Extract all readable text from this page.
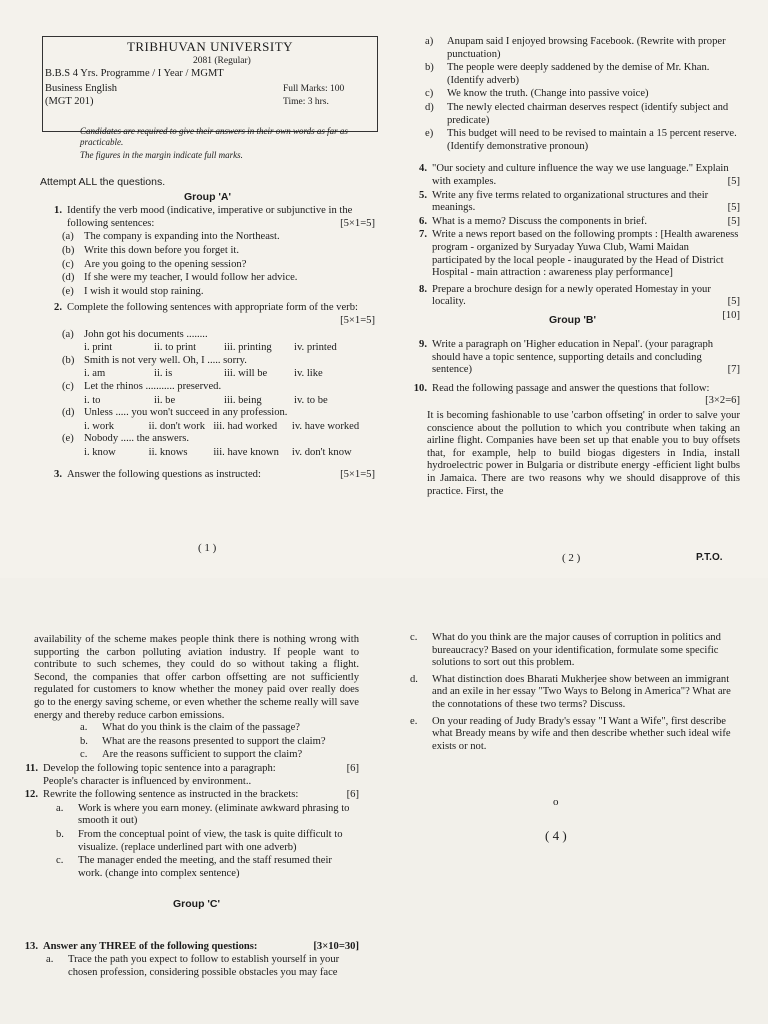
TRIBHUVAN UNIVERSITY
2081 (Regular)
B.B.S 4 Yrs. Programme / I Year / MGMT
Business English
(MGT 201)
Full Marks: 100
Time: 3 hrs.
Candidates are required to give their answers in their own words as far as practicable.
The figures in the margin indicate full marks.
Attempt ALL the questions.
Group 'A'
1. Identify the verb mood (indicative, imperative or subjunctive in the following sentences:	[5×1=5]
(a) The company is expanding into the Northeast.
(b) Write this down before you forget it.
(c) Are you going to the opening session?
(d) If she were my teacher, I would follow her advice.
(e) I wish it would stop raining.
2. Complete the following sentences with appropriate form of the verb:
[5×1=5]
(a) John got his documents ........
i. print	ii. to print	iii. printing	iv. printed
(b) Smith is not very well. Oh, I ..... sorry.
i. am	ii. is	iii. will be	iv. like
(c) Let the rhinos ........... preserved.
i. to	ii. be	iii. being	iv. to be
(d) Unless ..... you won't succeed in any profession.
i. work	ii. don't work iii. had worked	iv. have worked
(e) Nobody ..... the answers.
i. know	ii. knows	iii. have known	iv. don't know
3. Answer the following questions as instructed:	[5×1=5]
( 1 )
a)	Anupam said I enjoyed browsing Facebook. (Rewrite with proper punctuation)
b)	The people were deeply saddened by the demise of Mr. Khan. (Identify adverb)
c)	We know the truth. (Change into passive voice)
d)	The newly elected chairman deserves respect (identify subject and predicate)
e)	This budget will need to be revised to maintain a 15 percent reserve. (Identify demonstrative pronoun)
4. "Our society and culture influence the way we use language." Explain with examples.	[5]
5. Write any five terms related to organizational structures and their meanings.	[5]
6. What is a memo? Discuss the components in brief.	[5]
7. Write a news report based on the following prompts : [Health awareness program - organized by Suryaday Yuwa Club, Wami Maidan participated by the local people - inaugurated by the Head of District Hospital - main attraction : awareness play performance]
8. Prepare a brochure design for a newly operated Homestay in your locality.	[5]
[10]
Group 'B'
9. Write a paragraph on 'Higher education in Nepal'. (your paragraph should have a topic sentence, supporting details and concluding sentence)	[7]
10. Read the following passage and answer the questions that follow:

[3×2=6]
It is becoming fashionable to use 'carbon offseting' in order to salve your conscience about the pollution to which you contribute when taking an airline flight. Companies have been set up that enable you to buy offsets that, for example, help to build biogas digesters in India, install hydroelectric power in Bulgaria or distribute energy -efficient light bulbs in Jamaica. There are two reasons why we should disapprove of this practice. First, the
( 2 )	P.T.O.
availability of the scheme makes people think there is nothing wrong with supporting the carbon polluting aviation industry. If people want to contribute to such schemes, they could do so without taking a flight. Second, the companies that offer carbon offsetting are not sufficiently regulated for customers to know whether the money paid over really does go to the energy saving scheme, or even whether the scheme really will save energy and thereby reduce carbon emissions.
a.	What do you think is the claim of the passage?
b.	What are the reasons presented to support the claim?
c.	Are the reasons sufficient to support the claim?
11. Develop the following topic sentence into a paragraph:	[6]

People's character is influenced by environment..
12. Rewrite the following sentence as instructed in the brackets:	[6]
a.	Work is where you earn money. (eliminate awkward phrasing to smooth it out)
b.	From the conceptual point of view, the task is quite difficult to visualize. (replace underlined part with one adverb)
c.	The manager ended the meeting, and the staff resumed their work. (change into complex sentence)
Group 'C'
13. Answer any THREE of the following questions:	[3×10=30]
a.	Trace the path you expect to follow to establish yourself in your chosen profession, considering possible obstacles you may face
c.	What do you think are the major causes of corruption in politics and bureaucracy? Based on your identification, formulate some specific solutions to sort out this problem.
d.	What distinction does Bharati Mukherjee show between an immigrant and an exile in her essay "Two Ways to Belong in America"? What are the connotations of these two terms? Discuss.
e.	On your reading of Judy Brady's essay "I Want a Wife", first describe what Bready means by wife and then describe whether such ideal wife exists or not.
o
( 4 )
